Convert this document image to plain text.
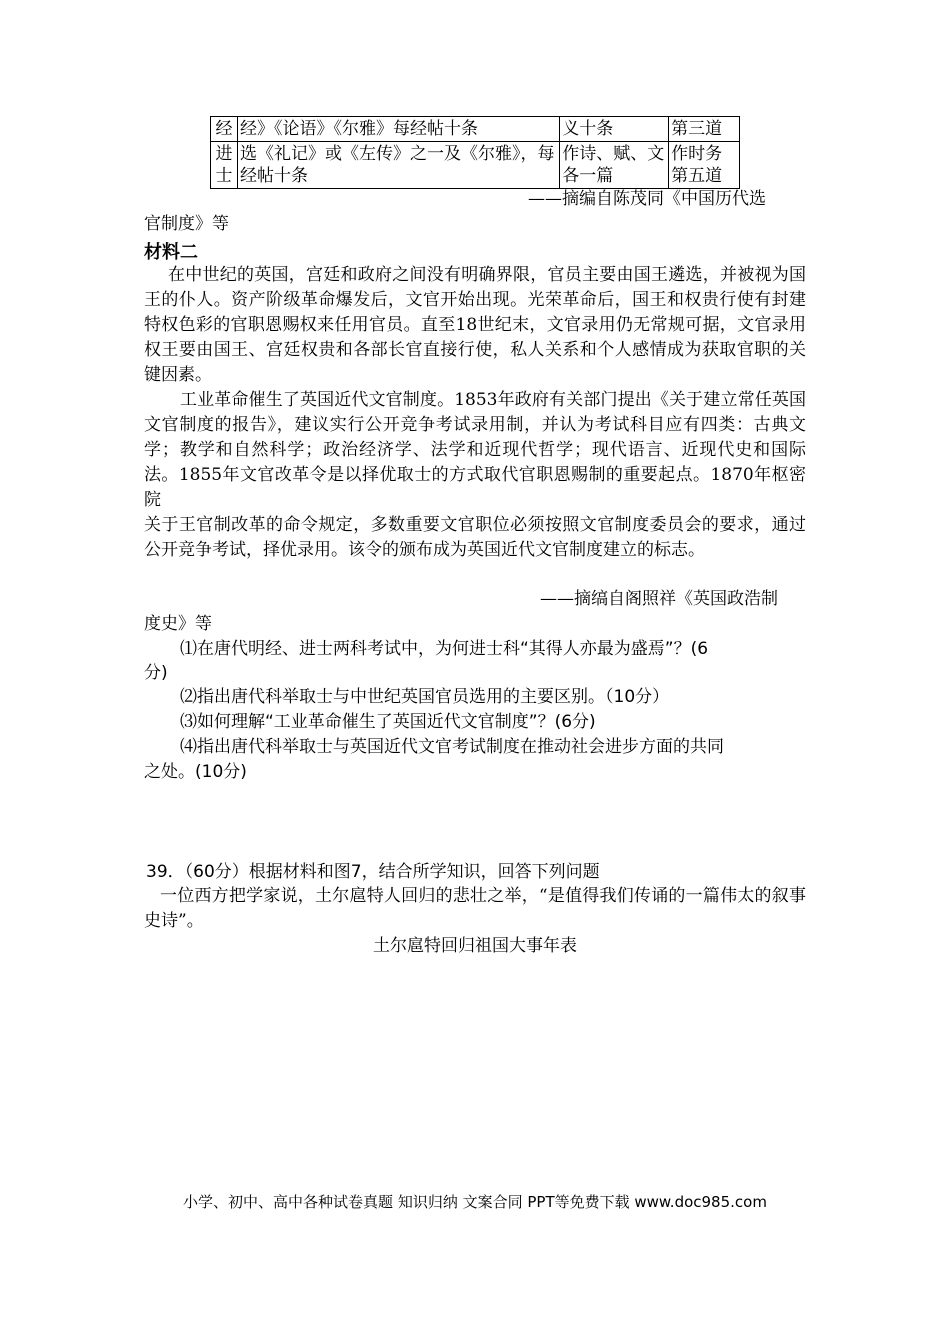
经	经》《论语》《尔雅》每经帖十条	义十条	第三道
进士	选《礼记》或《左传》之一及《尔雅》，每经帖十条	作诗、赋、文各一篇	作时务第五道
——摘编自陈茂同《中国历代选
官制度》等
材料二
在中世纪的英国，宫廷和政府之间没有明确界限，官员主要由国王遴选，并被视为国王的仆人。资产阶级革命爆发后，文官开始出现。光荣革命后，国王和权贵行使有封建特权色彩的官职恩赐权来任用官员。直至18世纪末，文官录用仍无常规可据，文官录用权王要由国王、宫廷权贵和各部长官直接行使，私人关系和个人感情成为获取官职的关键因素。
工业革命催生了英国近代文官制度。1853年政府有关部门提出《关于建立常任英国文官制度的报告》，建议实行公开竞争考试录用制，并认为考试科目应有四类：古典文学；教学和自然科学；政治经济学、法学和近现代哲学；现代语言、近现代史和国际法。1855年文官改革令是以择优取士的方式取代官职恩赐制的重要起点。1870年枢密院
关于王官制改革的命令规定，多数重要文官职位必须按照文官制度委员会的要求，通过公开竞争考试，择优录用。该令的颁布成为英国近代文官制度建立的标志。
——摘缟自阁照祥《英国政浩制
度史》等
⑴在唐代明经、进士两科考试中，为何进士科“其得人亦最为盛焉”？(6
分)
⑵指出唐代科举取士与中世纪英国官员选用的主要区别。（10分）
⑶如何理解“工业革命催生了英国近代文官制度”？(6分)
⑷指出唐代科举取士与英国近代文官考试制度在推动社会进步方面的共同
之处。(10分)
39．（60分）根据材料和图7，结合所学知识，回答下列问题
一位西方把学家说，土尔扈特人回归的悲壮之举，“是值得我们传诵的一篇伟太的叙事史诗”。
土尔扈特回归祖国大事年表
小学、初中、高中各种试卷真题 知识归纳 文案合同 PPT等免费下载 www.doc985.com
